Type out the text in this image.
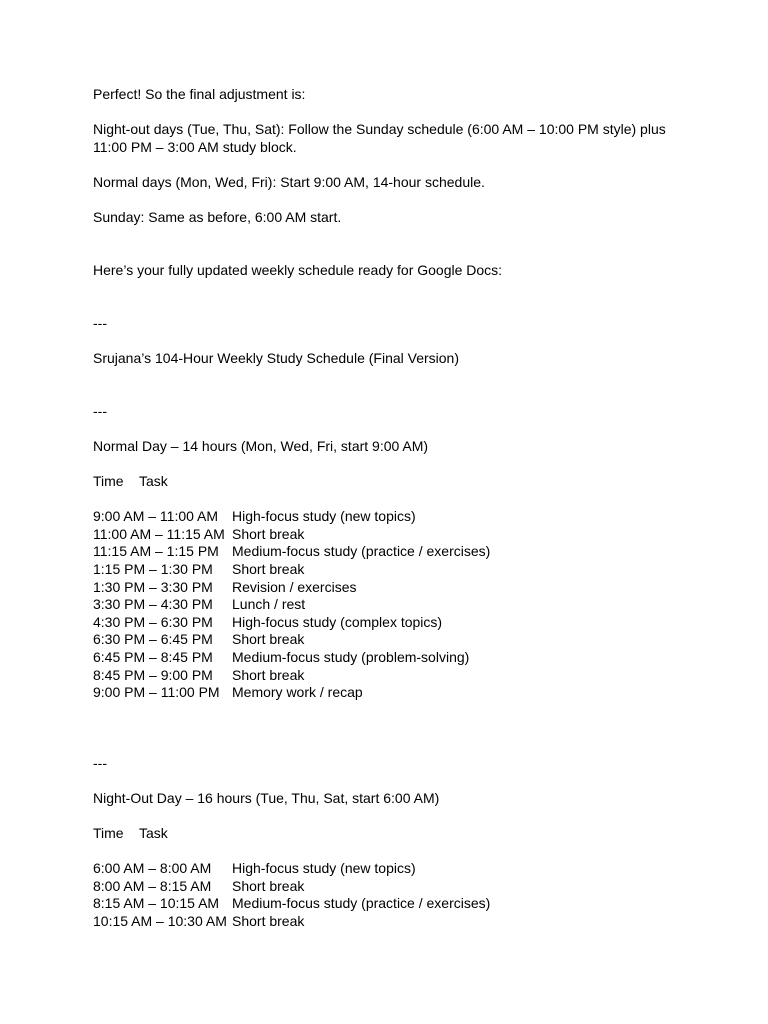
Perfect! So the final adjustment is:

Night-out days (Tue, Thu, Sat): Follow the Sunday schedule (6:00 AM – 10:00 PM style) plus 11:00 PM – 3:00 AM study block.

Normal days (Mon, Wed, Fri): Start 9:00 AM, 14-hour schedule.

Sunday: Same as before, 6:00 AM start.

Here’s your fully updated weekly schedule ready for Google Docs:

---

Srujana’s 104-Hour Weekly Study Schedule (Final Version)

---

Normal Day – 14 hours (Mon, Wed, Fri, start 9:00 AM)

Time	Task
9:00 AM – 11:00 AM High-focus study (new topics)
11:00 AM – 11:15 AM Short break
11:15 AM – 1:15 PM Medium-focus study (practice / exercises)
1:15 PM – 1:30 PM	Short break
1:30 PM – 3:30 PM	Revision / exercises
3:30 PM – 4:30 PM	Lunch / rest
4:30 PM – 6:30 PM	High-focus study (complex topics)
6:30 PM – 6:45 PM	Short break
6:45 PM – 8:45 PM	Medium-focus study (problem-solving)
8:45 PM – 9:00 PM	Short break
9:00 PM – 11:00 PM Memory work / recap

---

Night-Out Day – 16 hours (Tue, Thu, Sat, start 6:00 AM)

Time	Task
6:00 AM – 8:00 AM	High-focus study (new topics)
8:00 AM – 8:15 AM	Short break
8:15 AM – 10:15 AM Medium-focus study (practice / exercises)
10:15 AM – 10:30 AM Short break
